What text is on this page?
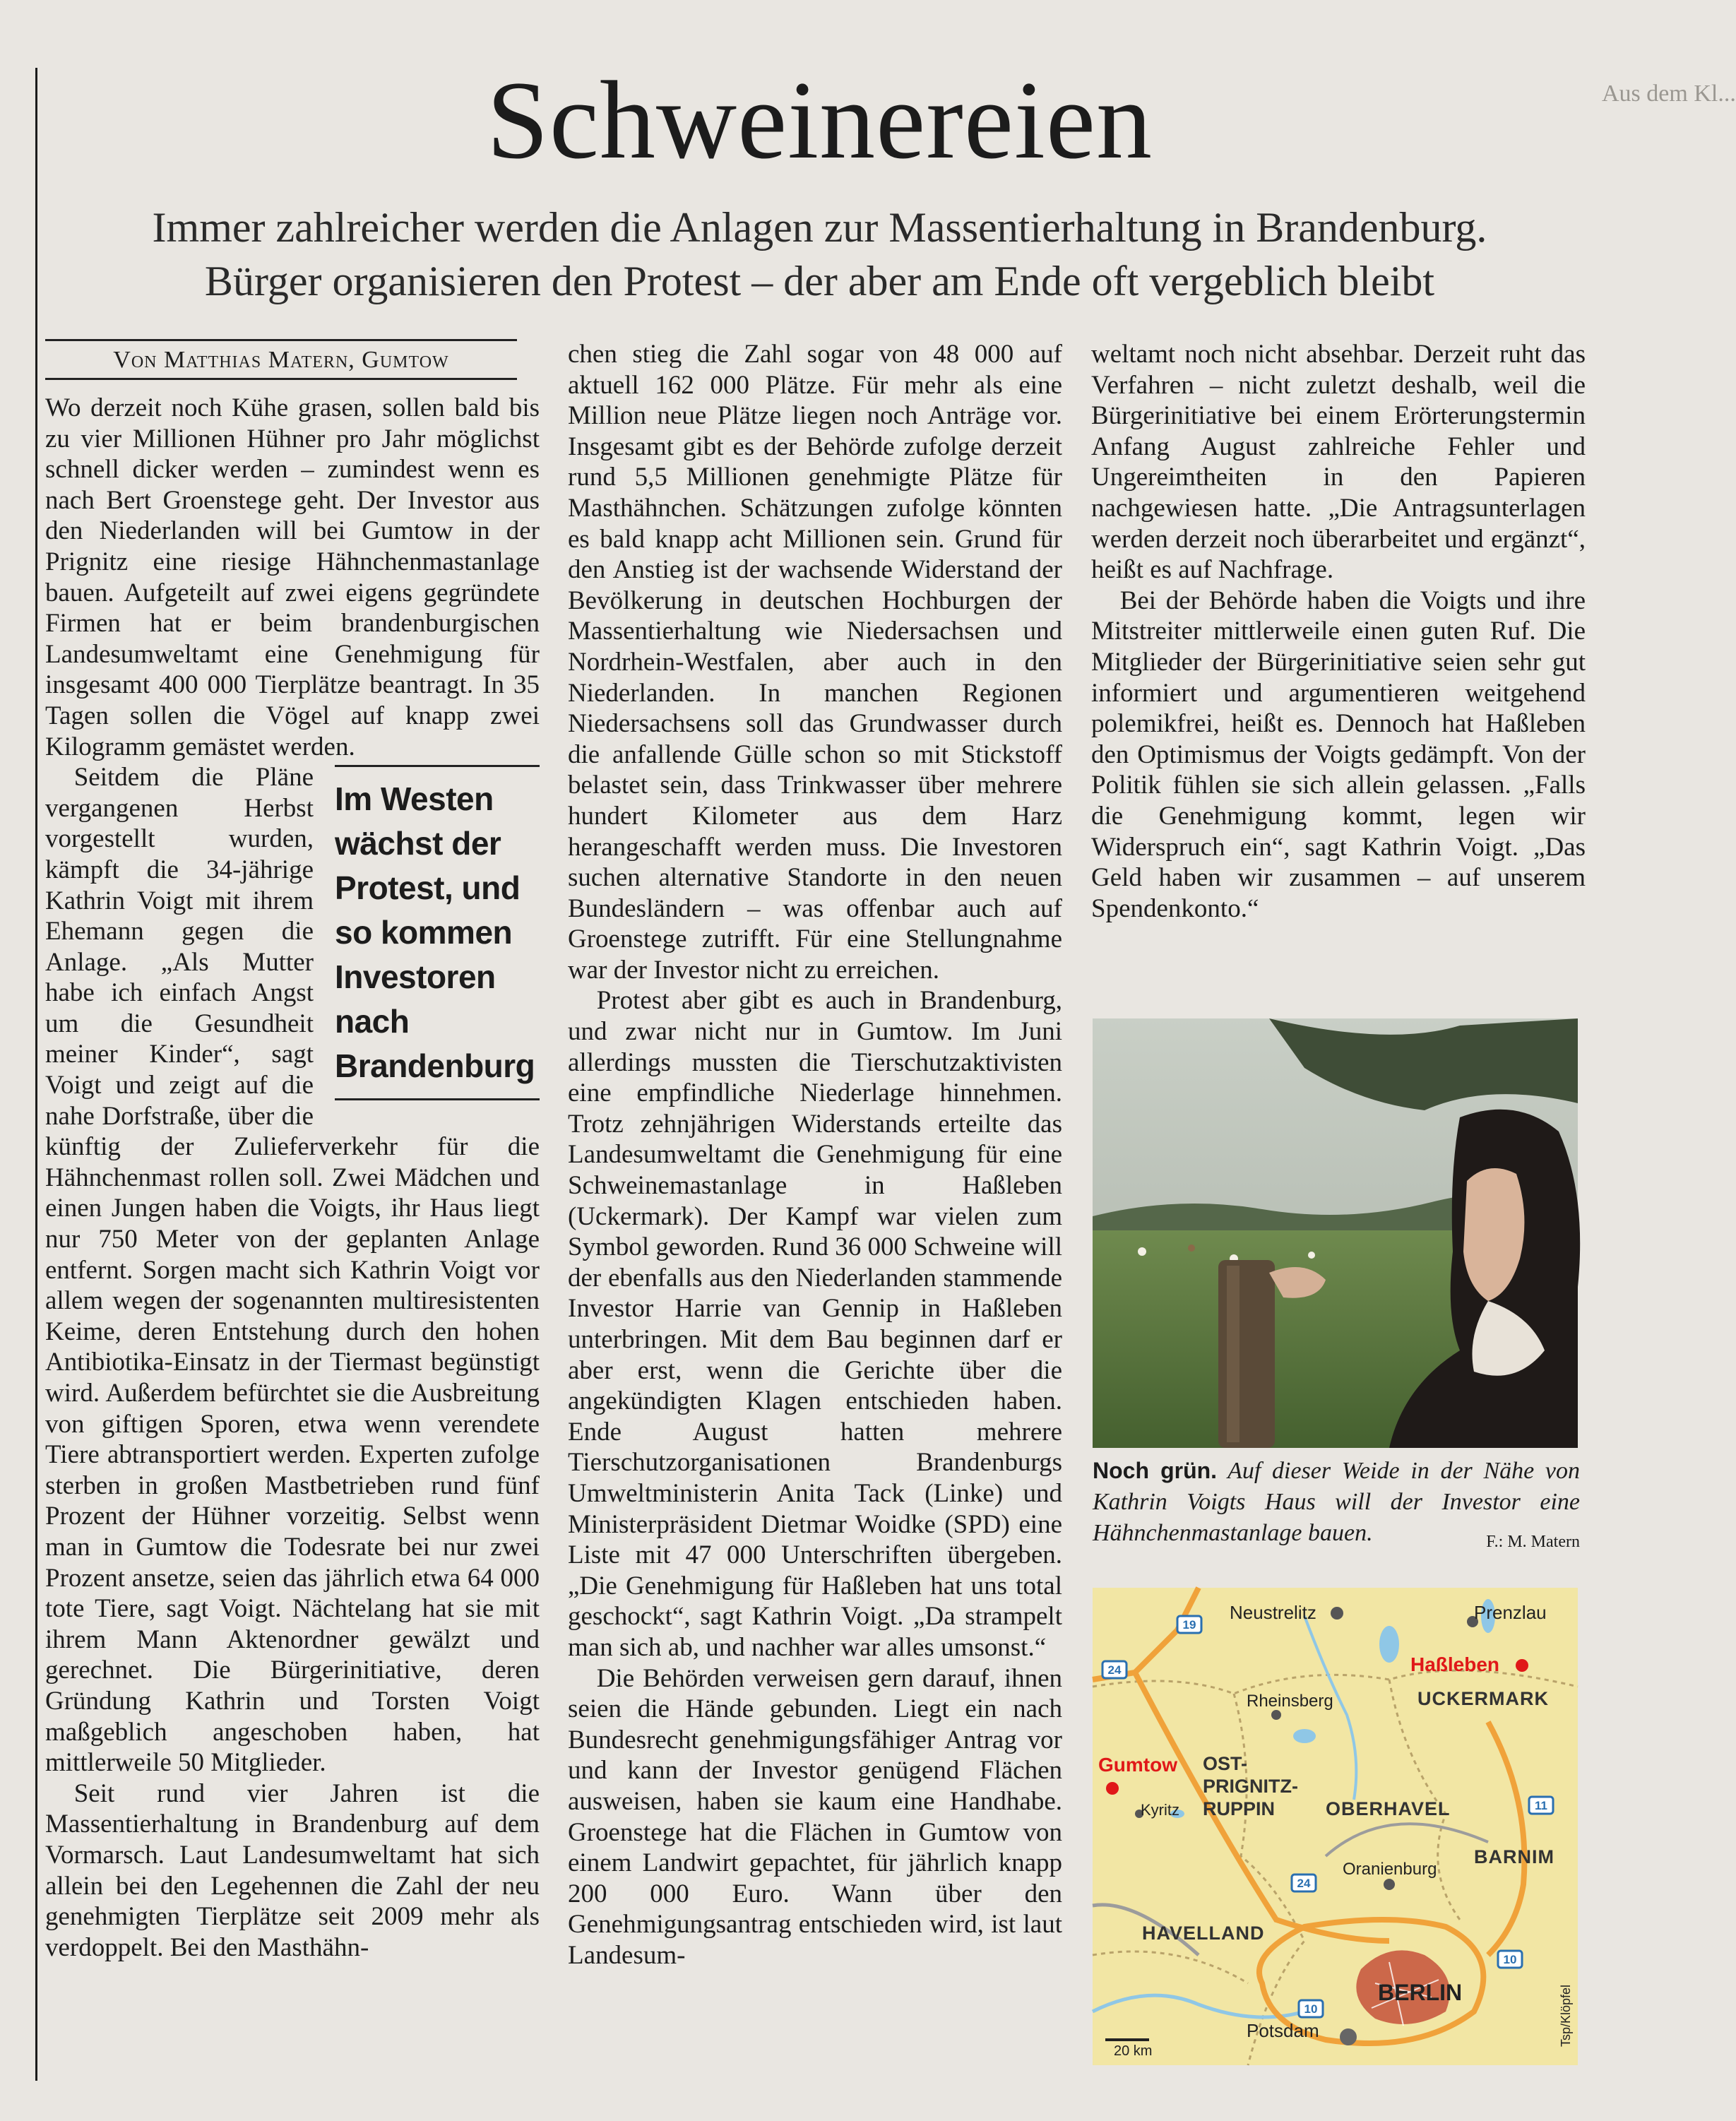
Schweinereien
Immer zahlreicher werden die Anlagen zur Massentierhaltung in Brandenburg.
Bürger organisieren den Protest – der aber am Ende oft vergeblich bleibt
Von Matthias Matern, Gumtow

Wo derzeit noch Kühe grasen, sollen bald bis zu vier Millionen Hühner pro Jahr möglichst schnell dicker werden – zumindest wenn es nach Bert Groenstege geht. Der Investor aus den Niederlanden will bei Gumtow in der Prignitz eine riesige Hähnchenmastanlage bauen. Aufgeteilt auf zwei eigens gegründete Firmen hat er beim brandenburgischen Landesumweltamt eine Genehmigung für insgesamt 400 000 Tierplätze beantragt. In 35 Tagen sollen die Vögel auf knapp zwei Kilogramm gemästet werden.

Im Westen wächst der Protest, und so kommen Investoren nach Brandenburg

Seitdem die Pläne vergangenen Herbst vorgestellt wurden, kämpft die 34-jährige Kathrin Voigt mit ihrem Ehemann gegen die Anlage. „Als Mutter habe ich einfach Angst um die Gesundheit meiner Kinder“, sagt Voigt und zeigt auf die nahe Dorfstraße, über die künftig der Zulieferverkehr für die Hähnchenmast rollen soll. Zwei Mädchen und einen Jungen haben die Voigts, ihr Haus liegt nur 750 Meter von der geplanten Anlage entfernt. Sorgen macht sich Kathrin Voigt vor allem wegen der sogenannten multiresistenten Keime, deren Entstehung durch den hohen Antibiotika-Einsatz in der Tiermast begünstigt wird. Außerdem befürchtet sie die Ausbreitung von giftigen Sporen, etwa wenn verendete Tiere abtransportiert werden. Experten zufolge sterben in großen Mastbetrieben rund fünf Prozent der Hühner vorzeitig. Selbst wenn man in Gumtow die Todesrate bei nur zwei Prozent ansetze, seien das jährlich etwa 64 000 tote Tiere, sagt Voigt. Nächtelang hat sie mit ihrem Mann Aktenordner gewälzt und gerechnet. Die Bürgerinitiative, deren Gründung Kathrin und Torsten Voigt maßgeblich angeschoben haben, hat mittlerweile 50 Mitglieder.

Seit rund vier Jahren ist die Massentierhaltung in Brandenburg auf dem Vormarsch. Laut Landesumweltamt hat sich allein bei den Legehennen die Zahl der neu genehmigten Tierplätze seit 2009 mehr als verdoppelt. Bei den Masthähn-

chen stieg die Zahl sogar von 48 000 auf aktuell 162 000 Plätze. Für mehr als eine Million neue Plätze liegen noch Anträge vor. Insgesamt gibt es der Behörde zufolge derzeit rund 5,5 Millionen genehmigte Plätze für Masthähnchen. Schätzungen zufolge könnten es bald knapp acht Millionen sein. Grund für den Anstieg ist der wachsende Widerstand der Bevölkerung in deutschen Hochburgen der Massentierhaltung wie Niedersachsen und Nordrhein-Westfalen, aber auch in den Niederlanden. In manchen Regionen Niedersachsens soll das Grundwasser durch die anfallende Gülle schon so mit Stickstoff belastet sein, dass Trinkwasser über mehrere hundert Kilometer aus dem Harz herangeschafft werden muss. Die Investoren suchen alternative Standorte in den neuen Bundesländern – was offenbar auch auf Groenstege zutrifft. Für eine Stellungnahme war der Investor nicht zu erreichen.

Protest aber gibt es auch in Brandenburg, und zwar nicht nur in Gumtow. Im Juni allerdings mussten die Tierschutzaktivisten eine empfindliche Niederlage hinnehmen. Trotz zehnjährigen Widerstands erteilte das Landesumweltamt die Genehmigung für eine Schweinemastanlage in Haßleben (Uckermark). Der Kampf war vielen zum Symbol geworden. Rund 36 000 Schweine will der ebenfalls aus den Niederlanden stammende Investor Harrie van Gennip in Haßleben unterbringen. Mit dem Bau beginnen darf er aber erst, wenn die Gerichte über die angekündigten Klagen entschieden haben. Ende August hatten mehrere Tierschutzorganisationen Brandenburgs Umweltministerin Anita Tack (Linke) und Ministerpräsident Dietmar Woidke (SPD) eine Liste mit 47 000 Unterschriften übergeben. „Die Genehmigung für Haßleben hat uns total geschockt“, sagt Kathrin Voigt. „Da strampelt man sich ab, und nachher war alles umsonst.“

Die Behörden verweisen gern darauf, ihnen seien die Hände gebunden. Liegt ein nach Bundesrecht genehmigungsfähiger Antrag vor und kann der Investor genügend Flächen ausweisen, haben sie kaum eine Handhabe. Groenstege hat die Flächen in Gumtow von einem Landwirt gepachtet, für jährlich knapp 200 000 Euro. Wann über den Genehmigungsantrag entschieden wird, ist laut Landesum-

weltamt noch nicht absehbar. Derzeit ruht das Verfahren – nicht zuletzt deshalb, weil die Bürgerinitiative bei einem Erörterungstermin Anfang August zahlreiche Fehler und Ungereimtheiten in den Papieren nachgewiesen hatte. „Die Antragsunterlagen werden derzeit noch überarbeitet und ergänzt“, heißt es auf Nachfrage.

Bei der Behörde haben die Voigts und ihre Mitstreiter mittlerweile einen guten Ruf. Die Mitglieder der Bürgerinitiative seien sehr gut informiert und argumentieren weitgehend polemikfrei, heißt es. Dennoch hat Haßleben den Optimismus der Voigts gedämpft. Von der Politik fühlen sie sich allein gelassen. „Falls die Genehmigung kommt, legen wir Widerspruch ein“, sagt Kathrin Voigt. „Das Geld haben wir zusammen – auf unserem Spendenkonto.“

Noch grün. Auf dieser Weide in der Nähe von Kathrin Voigts Haus will der Investor eine Hähnchenmastanlage bauen.	F.: M. Matern
19
24
11
24
10
10
Neustrelitz	Prenzlau
Haßleben
Rheinsberg
Gumtow
Kyritz
Oranienburg
Potsdam
BERLIN
UCKERMARK
OST-
PRIGNITZ-
RUPPIN	OBERHAVEL
BARNIM
HAVELLAND
20 km
Tsp/Klöpfel
Aus dem Kl...
